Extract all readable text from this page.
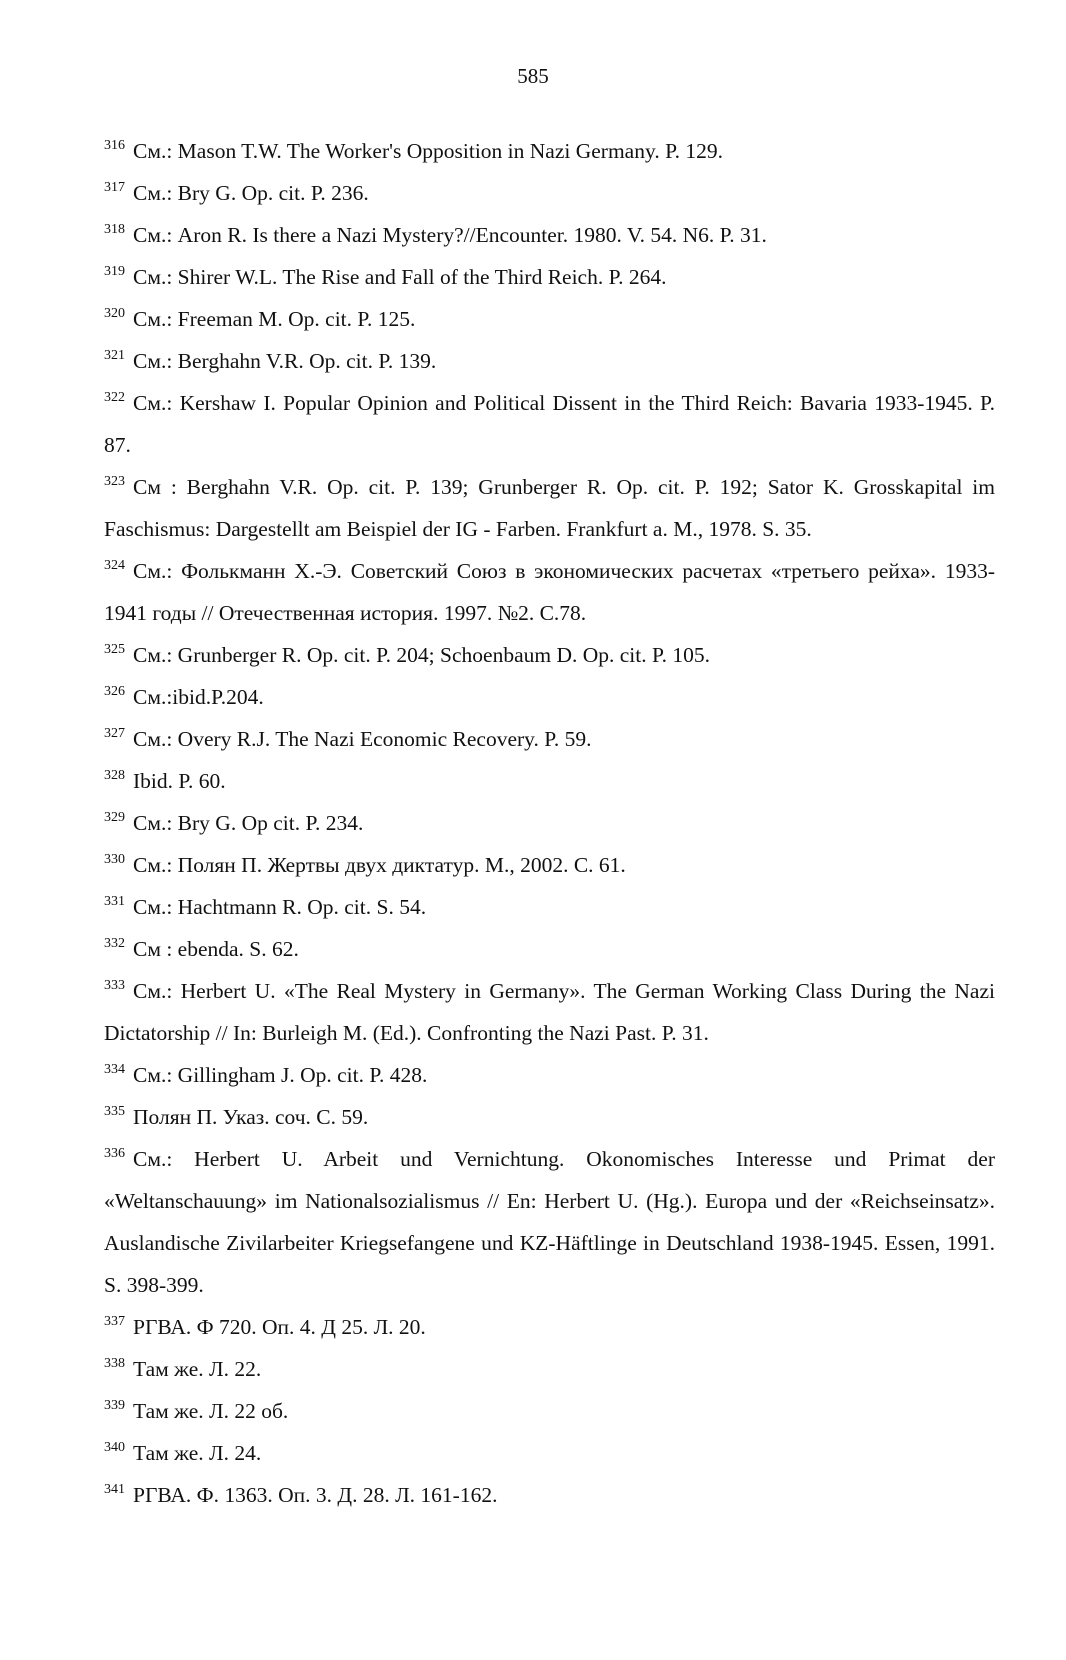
585

$^{316}$ См.: Mason T.W. The Worker's Opposition in Nazi Germany. P. 129.

$^{317}$ См.: Bry G. Op. cit. P. 236.

$^{318}$ См.: Aron R. Is there a Nazi Mystery?//Encounter. 1980. V. 54. N6. P. 31.

$^{319}$ См.: Shirer W.L. The Rise and Fall of the Third Reich. P. 264.

$^{320}$ См.: Freeman M. Op. cit. P. 125.

$^{321}$ См.: Berghahn V.R. Op. cit. P. 139.

$^{322}$ См.: Kershaw I. Popular Opinion and Political Dissent in the Third Reich: Bavaria 1933-1945. P. 87.

$^{323}$ См : Berghahn V.R. Op. cit. P. 139; Grunberger R. Op. cit. P. 192; Sator K. Grosskapital im Faschismus: Dargestellt am Beispiel der IG - Farben. Frankfurt a. M., 1978. S. 35.

$^{324}$ См.: Фолькманн Х.-Э. Советский Союз в экономических расчетах «третьего рейха». 1933-1941 годы // Отечественная история. 1997. №2. С.78.

$^{325}$ См.: Grunberger R. Op. cit. P. 204; Schoenbaum D. Op. cit. P. 105.

$^{326}$ См.:ibid.P.204.

$^{327}$ См.: Overy R.J. The Nazi Economic Recovery. P. 59.

$^{328}$ Ibid. P. 60.

$^{329}$ См.: Bry G. Op cit. P. 234.

$^{330}$ См.: Полян П. Жертвы двух диктатур. М., 2002. С. 61.

$^{331}$ См.: Hachtmann R. Op. cit. S. 54.

$^{332}$ См : ebenda. S. 62.

$^{333}$ См.: Herbert U. «The Real Mystery in Germany». The German Working Class During the Nazi Dictatorship // In: Burleigh M. (Ed.). Confronting the Nazi Past. P. 31.

$^{334}$ См.: Gillingham J. Op. cit. P. 428.

$^{335}$ Полян П. Указ. соч. С. 59.

$^{336}$ См.: Herbert U. Arbeit und Vernichtung. Okonomisches Interesse und Primat der «Weltanschauung» im Nationalsozialismus // En: Herbert U. (Hg.). Europa und der «Reichseinsatz». Auslandische Zivilarbeiter Kriegsefangene und KZ-Häftlinge in Deutschland 1938-1945. Essen, 1991. S. 398-399.

$^{337}$ РГВА. Ф 720. Оп. 4. Д 25. Л. 20.

$^{338}$ Там же. Л. 22.

$^{339}$ Там же. Л. 22 об.

$^{340}$ Там же. Л. 24.

$^{341}$ РГВА. Ф. 1363. Оп. 3. Д. 28. Л. 161-162.
